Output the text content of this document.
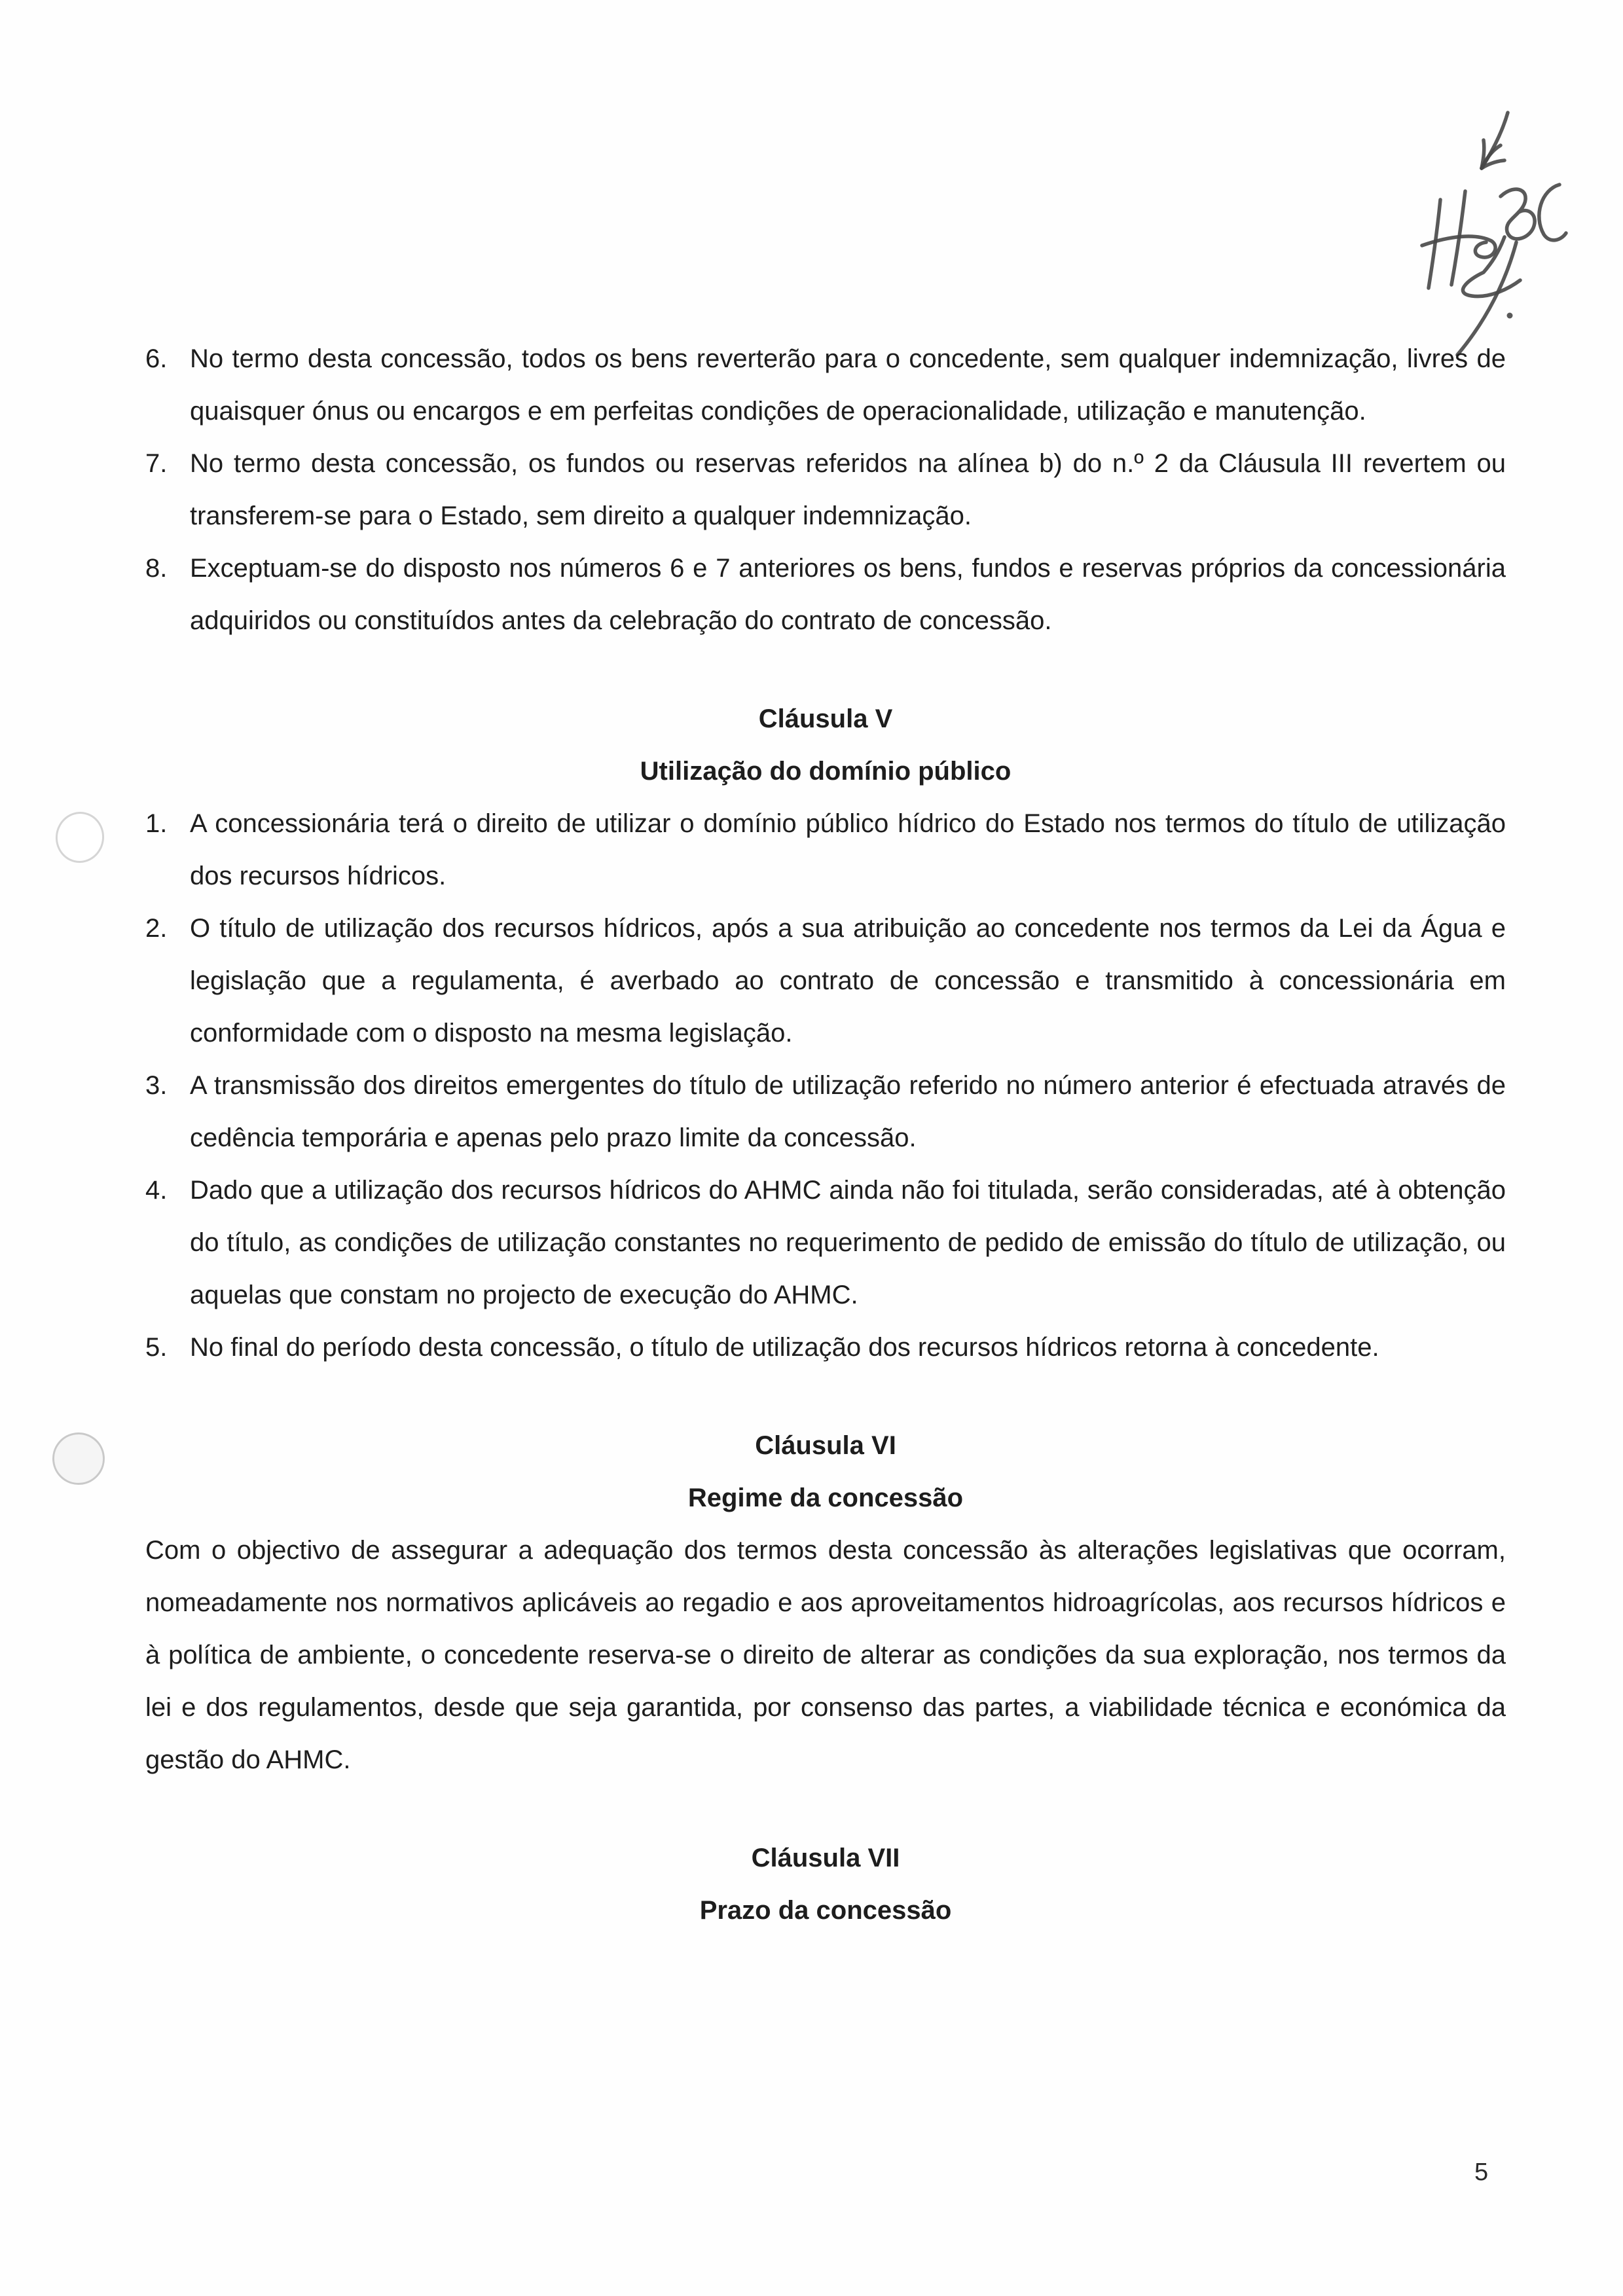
6. No termo desta concessão, todos os bens reverterão para o concedente, sem qualquer indemnização, livres de quaisquer ónus ou encargos e em perfeitas condições de operacionalidade, utilização e manutenção.
7. No termo desta concessão, os fundos ou reservas referidos na alínea b) do n.º 2 da Cláusula III revertem ou transferem-se para o Estado, sem direito a qualquer indemnização.
8. Exceptuam-se do disposto nos números 6 e 7 anteriores os bens, fundos e reservas próprios da concessionária adquiridos ou constituídos antes da celebração do contrato de concessão.
Cláusula V
Utilização do domínio público
1. A concessionária terá o direito de utilizar o domínio público hídrico do Estado nos termos do título de utilização dos recursos hídricos.
2. O título de utilização dos recursos hídricos, após a sua atribuição ao concedente nos termos da Lei da Água e legislação que a regulamenta, é averbado ao contrato de concessão e transmitido à concessionária em conformidade com o disposto na mesma legislação.
3. A transmissão dos direitos emergentes do título de utilização referido no número anterior é efectuada através de cedência temporária e apenas pelo prazo limite da concessão.
4. Dado que a utilização dos recursos hídricos do AHMC ainda não foi titulada, serão consideradas, até à obtenção do título, as condições de utilização constantes no requerimento de pedido de emissão do título de utilização, ou aquelas que constam no projecto de execução do AHMC.
5. No final do período desta concessão, o título de utilização dos recursos hídricos retorna à concedente.
Cláusula VI
Regime da concessão
Com o objectivo de assegurar a adequação dos termos desta concessão às alterações legislativas que ocorram, nomeadamente nos normativos aplicáveis ao regadio e aos aproveitamentos hidroagrícolas, aos recursos hídricos e à política de ambiente, o concedente reserva-se o direito de alterar as condições da sua exploração, nos termos da lei e dos regulamentos, desde que seja garantida, por consenso das partes, a viabilidade técnica e económica da gestão do AHMC.
Cláusula VII
Prazo da concessão
5
